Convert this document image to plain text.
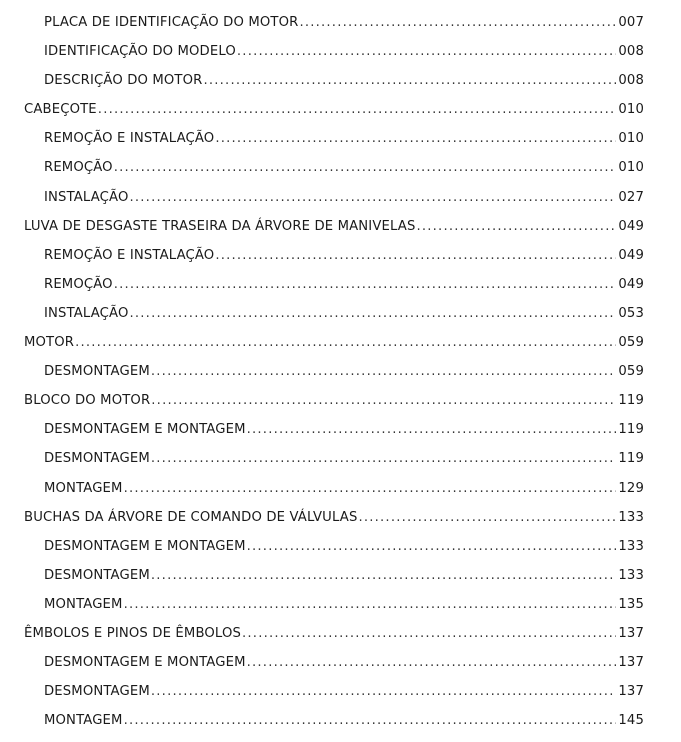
PLACA DE IDENTIFICAÇÃO DO MOTOR .....	007
IDENTIFICAÇÃO DO MODELO .....	008
DESCRIÇÃO DO MOTOR .....	008
CABEÇOTE .....	010
REMOÇÃO E INSTALAÇÃO .....	010
REMOÇÃO .....	010
INSTALAÇÃO .....	027
LUVA DE DESGASTE TRASEIRA DA ÁRVORE DE MANIVELAS .....	049
REMOÇÃO E INSTALAÇÃO .....	049
REMOÇÃO .....	049
INSTALAÇÃO .....	053
MOTOR .....	059
DESMONTAGEM .....	059
BLOCO DO MOTOR .....	119
DESMONTAGEM E MONTAGEM .....	119
DESMONTAGEM .....	119
MONTAGEM .....	129
BUCHAS DA ÁRVORE DE COMANDO DE VÁLVULAS .....	133
DESMONTAGEM E MONTAGEM .....	133
DESMONTAGEM .....	133
MONTAGEM .....	135
ÊMBOLOS E PINOS DE ÊMBOLOS .....	137
DESMONTAGEM E MONTAGEM .....	137
DESMONTAGEM .....	137
MONTAGEM .....	145
